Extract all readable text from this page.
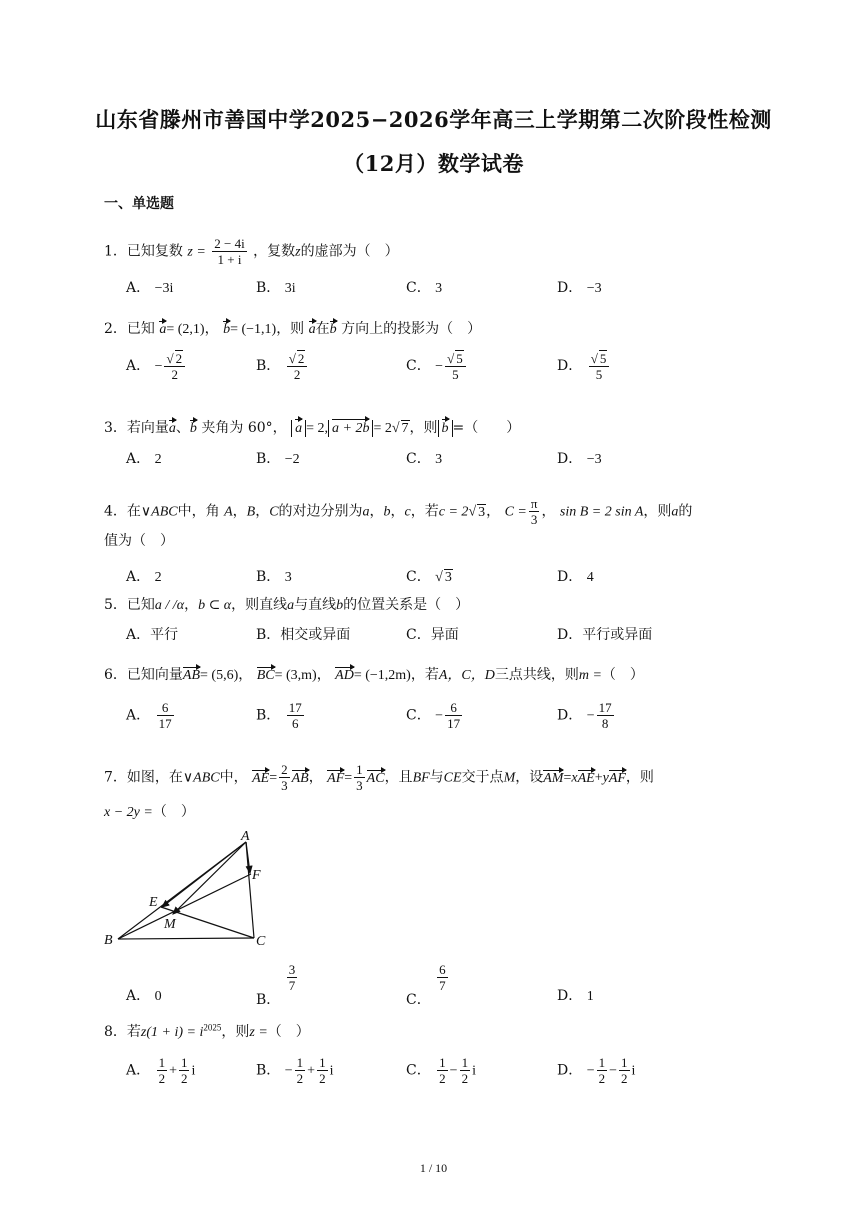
山东省滕州市善国中学2025−2026学年高三上学期第二次阶段性检测
（12月）数学试卷
一、单选题
1．已知复数 $z = \frac{2 - 4i}{1 + i}$ ，复数z的虚部为（　）
A． −3i	B． 3i	C． 3	D． −3
2．已知 a= (2,1)， b= (−1,1)，则 a在b 方向上的投影为（　）
A． − $\frac{√ 2}{2}$	B． $\frac{√ 2}{2}$	C． − $\frac{√ 5}{5}$	D． $\frac{√ 5}{5}$
3．若向量a、b 夹角为 60°， a = 2, a + 2b = 2√ 7，则 b =（　　）
A． 2	B． −2	C． 3	D． −3
4．在∨ABC中，角 A，B，C的对边分别为a，b，c，若c = 2√ 3， $C = \frac{\pi}{3}$ ， sin B = 2 sin A，则a的
值为（　）
A． 2	B． 3	C． √ 3	D． 4
5．已知a / /α，b ⊂ α，则直线a与直线b的位置关系是（　）
A．平行	B．相交或异面	C．异面	D．平行或异面
6．已知向量AB= (5,6)， BC= (3,m)， AD= (−1,2m)，若A，C，D三点共线，则m =（　）
A． $\frac{6}{17}$	B． $\frac{17}{6}$	C． − $\frac{6}{17}$	D． − $\frac{17}{8}$
7．如图，在∨ABC中， $AE= \frac{2}{3}$ AB， $AF= \frac{1}{3}$ AC，且BF与CE交于点M，设AM=xAE+yAF，则
x − 2y =（　）
A
F
E
M
B	C
A． 0	B．
$\frac{3}{7}$
C．
$\frac{6}{7}$
D． 1
8．若$z(1 + i) = i^{2025}$，则z =（　）
A． $\frac{1}{2} + \frac{1}{2}$ i	B． − $\frac{1}{2} + \frac{1}{2}$ i	C． $\frac{1}{2} - \frac{1}{2}$ i	D． − $\frac{1}{2} - \frac{1}{2}$ i
1 / 10
